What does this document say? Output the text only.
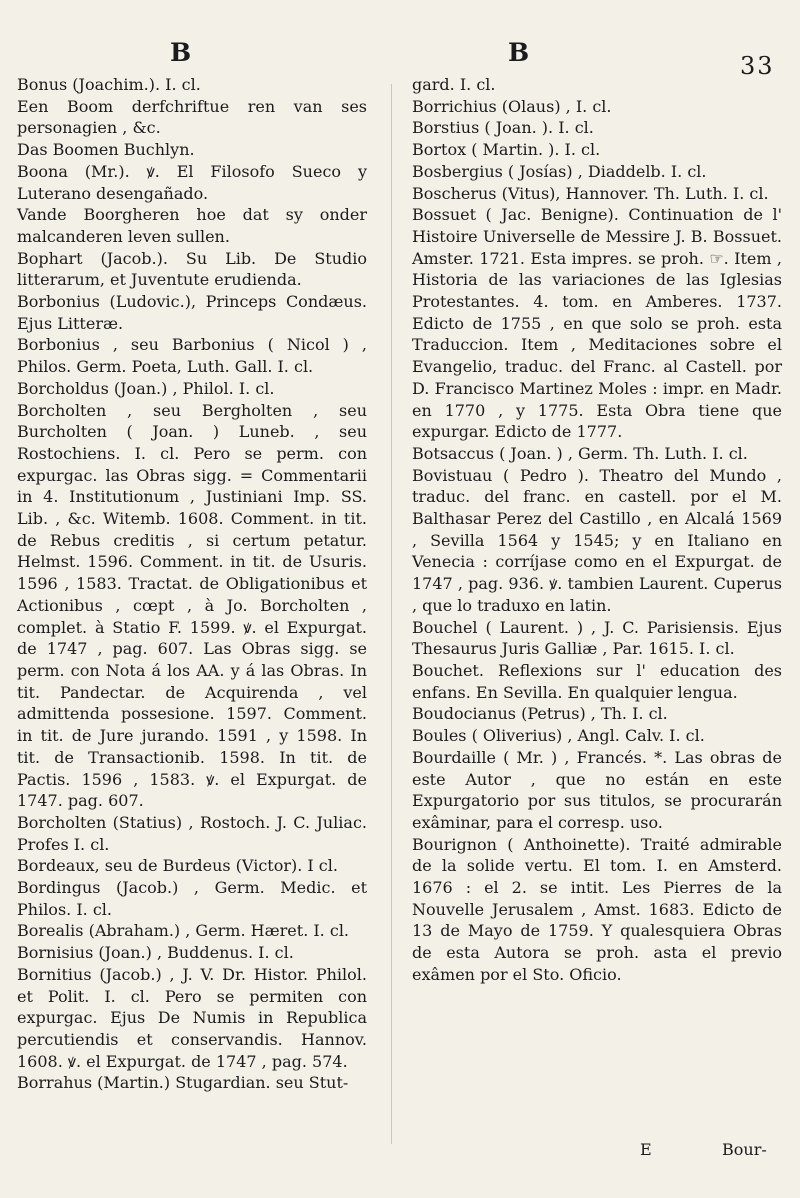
B	B	33

Bonus (Joachim.). I. cl.

Een Boom derfchriftue ren van ses personagien , &c.

Das Boomen Buchlyn.

Boona (Mr.). ꝟ. El Filosofo Sueco y Luterano desengañado.

Vande Boorgheren hoe dat sy onder malcanderen leven sullen.

Bophart (Jacob.). Su Lib. De Studio litterarum, et Juventute erudienda.

Borbonius (Ludovic.), Princeps Condæus. Ejus Litteræ.

Borbonius , seu Barbonius ( Nicol ) , Philos. Germ. Poeta, Luth. Gall. I. cl.

Borcholdus (Joan.) , Philol. I. cl.

Borcholten , seu Bergholten , seu Burcholten ( Joan. ) Luneb. , seu Rostochiens. I. cl. Pero se perm. con expurgac. las Obras sigg. = Commentarii in 4. Institutionum , Justiniani Imp. SS. Lib. , &c. Witemb. 1608. Comment. in tit. de Rebus creditis , si certum petatur. Helmst. 1596. Comment. in tit. de Usuris. 1596 , 1583. Tractat. de Obligationibus et Actionibus , cœpt , à Jo. Borcholten , complet. à Statio F. 1599. ꝟ. el Expurgat. de 1747 , pag. 607. Las Obras sigg. se perm. con Nota á los AA. y á las Obras. In tit. Pandectar. de Acquirenda , vel admittenda possesione. 1597. Comment. in tit. de Jure jurando. 1591 , y 1598. In tit. de Transactionib. 1598. In tit. de Pactis. 1596 , 1583. ꝟ. el Expurgat. de 1747. pag. 607.

Borcholten (Statius) , Rostoch. J. C. Juliac. Profes I. cl.

Bordeaux, seu de Burdeus (Victor). I cl.

Bordingus (Jacob.) , Germ. Medic. et Philos. I. cl.

Borealis (Abraham.) , Germ. Hæret. I. cl.

Bornisius (Joan.) , Buddenus. I. cl.

Bornitius (Jacob.) , J. V. Dr. Histor. Philol. et Polit. I. cl. Pero se permiten con expurgac. Ejus De Numis in Republica percutiendis et conservandis. Hannov. 1608. ꝟ. el Expurgat. de 1747 , pag. 574.

Borrahus (Martin.) Stugardian. seu Stut-

gard. I. cl.

Borrichius (Olaus) , I. cl.

Borstius ( Joan. ). I. cl.

Bortox ( Martin. ). I. cl.

Bosbergius ( Josías) , Diaddelb. I. cl.

Boscherus (Vitus), Hannover. Th. Luth. I. cl.

Bossuet ( Jac. Benigne). Continuation de l' Histoire Universelle de Messire J. B. Bossuet. Amster. 1721. Esta impres. se proh. ☞. Item , Historia de las variaciones de las Iglesias Protestantes. 4. tom. en Amberes. 1737. Edicto de 1755 , en que solo se proh. esta Traduccion. Item , Meditaciones sobre el Evangelio, traduc. del Franc. al Castell. por D. Francisco Martinez Moles : impr. en Madr. en 1770 , y 1775. Esta Obra tiene que expurgar. Edicto de 1777.

Botsaccus ( Joan. ) , Germ. Th. Luth. I. cl.

Bovistuau ( Pedro ). Theatro del Mundo , traduc. del franc. en castell. por el M. Balthasar Perez del Castillo , en Alcalá 1569 , Sevilla 1564 y 1545; y en Italiano en Venecia : corríjase como en el Expurgat. de 1747 , pag. 936. ꝟ. tambien Laurent. Cuperus , que lo traduxo en latin.

Bouchel ( Laurent. ) , J. C. Parisiensis. Ejus Thesaurus Juris Galliæ , Par. 1615. I. cl.

Bouchet. Reflexions sur l' education des enfans. En Sevilla. En qualquier lengua.

Boudocianus (Petrus) , Th. I. cl.

Boules ( Oliverius) , Angl. Calv. I. cl.

Bourdaille ( Mr. ) , Francés. *. Las obras de este Autor , que no están en este Expurgatorio por sus titulos, se procurarán exâminar, para el corresp. uso.

Bourignon ( Anthoinette). Traité admirable de la solide vertu. El tom. I. en Amsterd. 1676 : el 2. se intit. Les Pierres de la Nouvelle Jerusalem , Amst. 1683. Edicto de 13 de Mayo de 1759. Y qualesquiera Obras de esta Autora se proh. asta el previo exâmen por el Sto. Oficio.

E	Bour-
